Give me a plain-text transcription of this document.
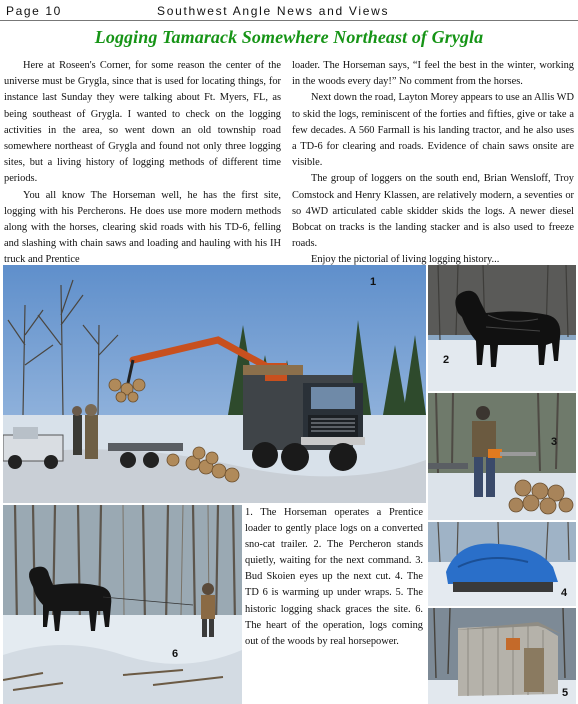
Page 10	Southwest Angle News and Views
Logging Tamarack Somewhere Northeast of Grygla

Here at Roseen's Corner, for some reason the center of the universe must be Grygla, since that is used for locating things, for instance last Sunday they were talking about Ft. Myers, FL, as being southeast of Grygla. I wanted to check on the logging activities in the area, so went down an old township road somewhere northeast of Grygla and found not only three logging sites, but a living history of logging methods of different time periods.

You all know The Horseman well, he has the first site, logging with his Percherons. He does use more modern methods along with the horses, clearing skid roads with his TD-6, felling and slashing with chain saws and loading and hauling with his IH truck and Prentice

loader. The Horseman says, “I feel the best in the winter, working in the woods every day!” No comment from the horses.

Next down the road, Layton Morey appears to use an Allis WD to skid the logs, reminiscent of the forties and fifties, give or take a few decades. A 560 Farmall is his landing tractor, and he also uses a TD-6 for clearing and roads. Evidence of chain saws onsite are visible.

The group of loggers on the south end, Brian Wensloff, Troy Comstock and Henry Klassen, are relatively modern, a seventies or so 4WD articulated cable skidder skids the logs. A newer diesel Bobcat on tracks is the landing stacker and is also used to freeze roads.

Enjoy the pictorial of living logging history...

1
2
3
4
5
6
1. The Horseman operates a Prentice loader to gently place logs on a converted sno-cat trailer. 2. The Percheron stands quietly, waiting for the next command. 3. Bud Skoien eyes up the next cut. 4. The TD 6 is warming up under wraps. 5. The historic logging shack graces the site. 6. The heart of the operation, logs coming out of the woods by real horsepower.
